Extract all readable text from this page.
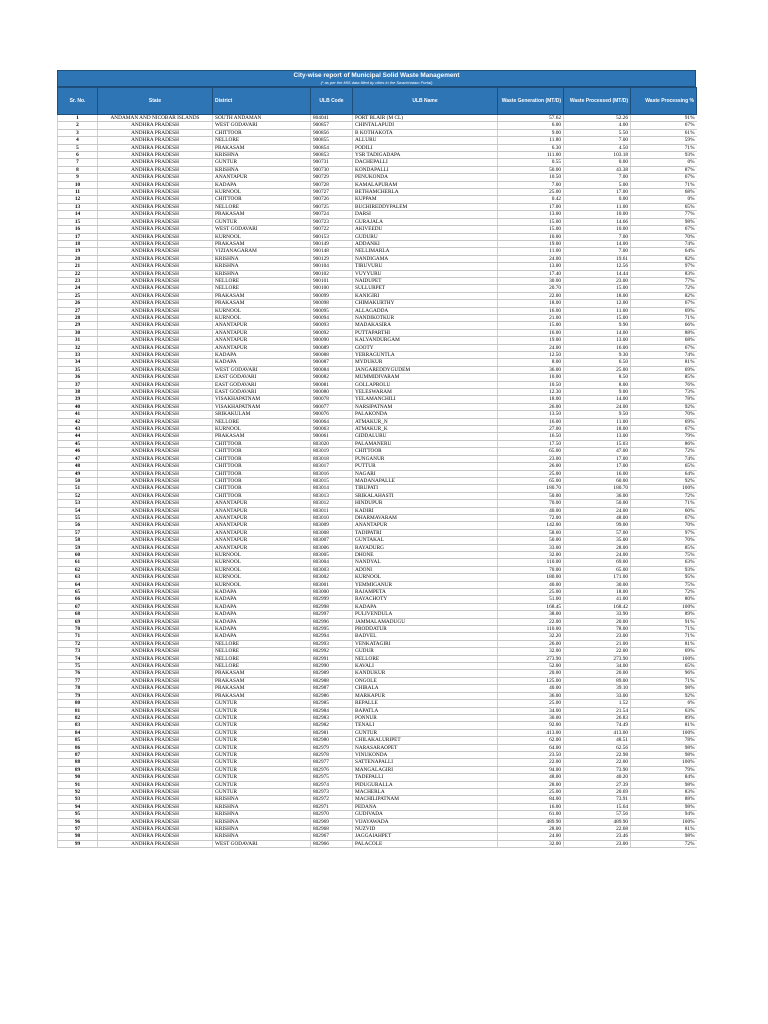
City-wise report of Municipal Solid Waste Management
(* as per the MIS data filled by cities in the Swachhatam Portal)
Sr. No.	State	District	ULB Code	ULB Name	Waste Generation (MT/D)	Waste Processed (MT/D)	Waste Processing %
1	ANDAMAN AND NICOBAR ISLANDS	SOUTH ANDAMAN	804041	PORT BLAIR (M CL)	57.62	52.26	91%
2	ANDHRA PRADESH	WEST GODAVARI	900857	CHINTALAPUDI	6.00	4.00	67%
3	ANDHRA PRADESH	CHITTOOR	900856	B KOTHAKOTA	9.00	5.50	61%
4	ANDHRA PRADESH	NELLORE	900855	ALLURU	11.80	7.00	59%
5	ANDHRA PRADESH	PRAKASAM	900854	PODILI	6.30	4.50	71%
6	ANDHRA PRADESH	KRISHNA	900853	YSR TADIGADAPA	111.00	103.18	93%
7	ANDHRA PRADESH	GUNTUR	900731	DACHEPALLI	0.55	0.00	0%
8	ANDHRA PRADESH	KRISHNA	900730	KONDAPALLI	50.00	43.38	87%
9	ANDHRA PRADESH	ANANTAPUR	900729	PENUKONDA	10.50	7.00	67%
10	ANDHRA PRADESH	KADAPA	900728	KAMALAPURAM	7.00	5.00	71%
11	ANDHRA PRADESH	KURNOOL	900727	BETHAMCHERLA	25.00	17.00	68%
12	ANDHRA PRADESH	CHITTOOR	900726	KUPPAM	0.42	0.00	0%
13	ANDHRA PRADESH	NELLORE	900725	BUCHIREDDYPALEM	17.00	11.00	65%
14	ANDHRA PRADESH	PRAKASAM	900724	DARSI	13.00	10.00	77%
15	ANDHRA PRADESH	GUNTUR	900723	GURAJALA	15.00	14.66	98%
16	ANDHRA PRADESH	WEST GODAVARI	900722	AKIVEEDU	15.00	10.00	67%
17	ANDHRA PRADESH	KURNOOL	900153	GUDURU	10.00	7.00	70%
18	ANDHRA PRADESH	PRAKASAM	900149	ADDANKI	19.00	14.00	74%
19	ANDHRA PRADESH	VIZIANAGARAM	900148	NELLIMARLA	11.00	7.00	64%
20	ANDHRA PRADESH	KRISHNA	900129	NANDIGAMA	24.00	19.61	82%
21	ANDHRA PRADESH	KRISHNA	900104	TIRUVURU	13.00	12.56	97%
22	ANDHRA PRADESH	KRISHNA	900102	VUYYURU	17.40	14.44	83%
23	ANDHRA PRADESH	NELLORE	900101	NAIDUPET	30.00	23.00	77%
24	ANDHRA PRADESH	NELLORE	900100	SULLURPET	20.70	15.00	72%
25	ANDHRA PRADESH	PRAKASAM	900099	KANIGIRI	22.00	18.00	82%
26	ANDHRA PRADESH	PRAKASAM	900098	CHIMAKURTHY	18.00	12.00	67%
27	ANDHRA PRADESH	KURNOOL	900095	ALLAGADDA	16.00	11.00	69%
28	ANDHRA PRADESH	KURNOOL	900094	NANDIKOTKUR	21.00	15.00	71%
29	ANDHRA PRADESH	ANANTAPUR	900093	MADAKASIRA	15.00	9.90	66%
30	ANDHRA PRADESH	ANANTAPUR	900092	PUTTAPARTHI	16.00	14.00	88%
31	ANDHRA PRADESH	ANANTAPUR	900090	KALYANDURGAM	19.00	13.00	68%
32	ANDHRA PRADESH	ANANTAPUR	900089	GOOTY	24.00	16.00	67%
33	ANDHRA PRADESH	KADAPA	900088	YERRAGUNTLA	12.50	9.30	74%
34	ANDHRA PRADESH	KADAPA	900087	MYDUKUR	8.00	6.50	81%
35	ANDHRA PRADESH	WEST GODAVARI	900084	JANGAREDDYGUDEM	36.00	25.00	69%
36	ANDHRA PRADESH	EAST GODAVARI	900082	MUMMIDIVARAM	10.00	8.50	85%
37	ANDHRA PRADESH	EAST GODAVARI	900081	GOLLAPROLU	10.50	8.00	76%
38	ANDHRA PRADESH	EAST GODAVARI	900080	YELESWARAM	12.30	9.00	73%
39	ANDHRA PRADESH	VISAKHAPATNAM	900078	YELAMANCHILI	18.00	14.00	78%
40	ANDHRA PRADESH	VISAKHAPATNAM	900077	NARSIPATNAM	26.00	24.00	92%
41	ANDHRA PRADESH	SRIKAKULAM	900076	PALAKONDA	13.50	9.50	70%
42	ANDHRA PRADESH	NELLORE	900064	ATMAKUR_N	16.00	11.00	69%
43	ANDHRA PRADESH	KURNOOL	900063	ATMAKUR_K	27.00	18.00	67%
44	ANDHRA PRADESH	PRAKASAM	900061	GIDDALURU	16.50	13.00	79%
45	ANDHRA PRADESH	CHITTOOR	803020	PALAMANERU	17.50	15.03	86%
46	ANDHRA PRADESH	CHITTOOR	803019	CHITTOOR	65.00	47.00	72%
47	ANDHRA PRADESH	CHITTOOR	803018	PUNGANUR	23.00	17.00	74%
48	ANDHRA PRADESH	CHITTOOR	803017	PUTTUR	26.00	17.00	65%
49	ANDHRA PRADESH	CHITTOOR	803016	NAGARI	25.00	16.00	64%
50	ANDHRA PRADESH	CHITTOOR	803015	MADANAPALLE	65.00	60.00	92%
51	ANDHRA PRADESH	CHITTOOR	803014	TIRUPATI	180.70	180.70	100%
52	ANDHRA PRADESH	CHITTOOR	803013	SRIKALAHASTI	50.00	36.00	72%
53	ANDHRA PRADESH	ANANTAPUR	803012	HINDUPUR	70.00	50.00	71%
54	ANDHRA PRADESH	ANANTAPUR	803011	KADIRI	40.00	24.00	60%
55	ANDHRA PRADESH	ANANTAPUR	803010	DHARMAVARAM	72.00	48.00	67%
56	ANDHRA PRADESH	ANANTAPUR	803009	ANANTAPUR	142.00	99.00	70%
57	ANDHRA PRADESH	ANANTAPUR	803008	TADIPATRI	58.60	57.00	97%
58	ANDHRA PRADESH	ANANTAPUR	803007	GUNTAKAL	50.00	35.00	70%
59	ANDHRA PRADESH	ANANTAPUR	803006	RAYADURG	33.00	28.00	85%
60	ANDHRA PRADESH	KURNOOL	803005	DHONE	32.00	24.00	75%
61	ANDHRA PRADESH	KURNOOL	803004	NANDYAL	110.00	69.00	63%
62	ANDHRA PRADESH	KURNOOL	803003	ADONI	70.00	65.00	93%
63	ANDHRA PRADESH	KURNOOL	803002	KURNOOL	180.00	171.00	95%
64	ANDHRA PRADESH	KURNOOL	803001	YEMMIGANUR	40.00	30.00	75%
65	ANDHRA PRADESH	KADAPA	803000	RAJAMPETA	25.00	18.00	72%
66	ANDHRA PRADESH	KADAPA	802999	RAYACHOTY	51.00	41.00	80%
67	ANDHRA PRADESH	KADAPA	802998	KADAPA	168.45	168.42	100%
68	ANDHRA PRADESH	KADAPA	802997	PULIVENDULA	38.00	33.90	89%
69	ANDHRA PRADESH	KADAPA	802996	JAMMALAMADUGU	22.00	20.00	91%
70	ANDHRA PRADESH	KADAPA	802995	PRODDATUR	110.00	78.00	71%
71	ANDHRA PRADESH	KADAPA	802994	BADVEL	32.20	23.00	71%
72	ANDHRA PRADESH	NELLORE	802993	VENKATAGIRI	26.00	21.00	81%
73	ANDHRA PRADESH	NELLORE	802992	GUDUR	32.00	22.00	69%
74	ANDHRA PRADESH	NELLORE	802991	NELLORE	273.90	273.90	100%
75	ANDHRA PRADESH	NELLORE	802990	KAVALI	52.00	34.00	65%
76	ANDHRA PRADESH	PRAKASAM	802989	KANDUKUR	20.00	20.00	96%
77	ANDHRA PRADESH	PRAKASAM	802988	ONGOLE	125.00	89.00	71%
78	ANDHRA PRADESH	PRAKASAM	802987	CHIRALA	40.00	39.10	98%
79	ANDHRA PRADESH	PRAKASAM	802986	MARKAPUR	36.00	33.00	92%
80	ANDHRA PRADESH	GUNTUR	802985	REPALLE	25.00	1.52	6%
81	ANDHRA PRADESH	GUNTUR	802984	BAPATLA	34.00	21.54	63%
82	ANDHRA PRADESH	GUNTUR	802983	PONNUR	30.00	26.83	89%
83	ANDHRA PRADESH	GUNTUR	802982	TENALI	92.00	74.49	81%
84	ANDHRA PRADESH	GUNTUR	802981	GUNTUR	413.00	413.00	100%
85	ANDHRA PRADESH	GUNTUR	802980	CHILAKALURIPET	62.00	48.51	78%
86	ANDHRA PRADESH	GUNTUR	802979	NARASARAOPET	64.00	62.56	98%
87	ANDHRA PRADESH	GUNTUR	802978	VINUKONDA	23.50	22.98	98%
88	ANDHRA PRADESH	GUNTUR	802977	SATTENAPALLI	22.00	22.00	100%
89	ANDHRA PRADESH	GUNTUR	802976	MANGALAGIRI	94.00	73.90	79%
90	ANDHRA PRADESH	GUNTUR	802975	TADEPALLI	48.00	40.20	84%
91	ANDHRA PRADESH	GUNTUR	802974	PIDUGURALLA	28.00	27.39	98%
92	ANDHRA PRADESH	GUNTUR	802973	MACHERLA	25.00	20.69	83%
93	ANDHRA PRADESH	KRISHNA	802972	MACHILIPATNAM	84.00	73.91	88%
94	ANDHRA PRADESH	KRISHNA	802971	PEDANA	16.00	15.64	98%
95	ANDHRA PRADESH	KRISHNA	802970	GUDIVADA	61.00	57.56	94%
96	ANDHRA PRADESH	KRISHNA	802969	VIJAYAWADA	489.90	489.90	100%
97	ANDHRA PRADESH	KRISHNA	802968	NUZVID	28.00	22.68	81%
98	ANDHRA PRADESH	KRISHNA	802967	JAGGAIAHPET	24.00	23.46	98%
99	ANDHRA PRADESH	WEST GODAVARI	802966	PALACOLE	32.00	23.00	72%
